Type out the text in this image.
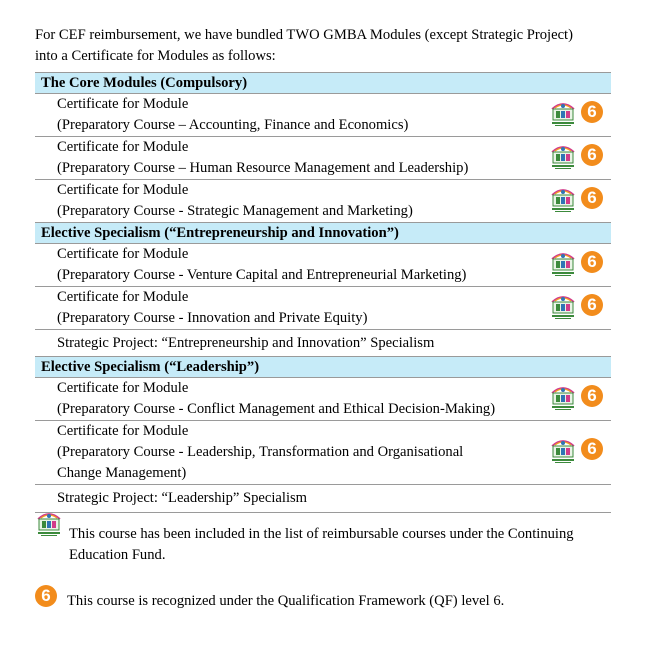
For CEF reimbursement, we have bundled TWO GMBA Modules (except Strategic Project)

into a Certificate for Modules as follows:

The Core Modules (Compulsory)	

Certificate for Module
(Preparatory Course – Accounting, Finance and Economics)	6

Certificate for Module
(Preparatory Course – Human Resource Management and Leadership)	6

Certificate for Module
(Preparatory Course - Strategic Management and Marketing)	6

Elective Specialism (“Entrepreneurship and Innovation”)	

Certificate for Module
(Preparatory Course - Venture Capital and Entrepreneurial Marketing)	6

Certificate for Module
(Preparatory Course - Innovation and Private Equity)	6

Strategic Project: “Entrepreneurship and Innovation” Specialism	

Elective Specialism (“Leadership”)	

Certificate for Module
(Preparatory Course - Conflict Management and Ethical Decision-Making)	6

Certificate for Module
(Preparatory Course - Leadership, Transformation and Organisational
Change Management)	6

Strategic Project: “Leadership” Specialism	

This course has been included in the list of reimbursable courses under the Continuing Education Fund.

6	This course is recognized under the Qualification Framework (QF) level 6.
